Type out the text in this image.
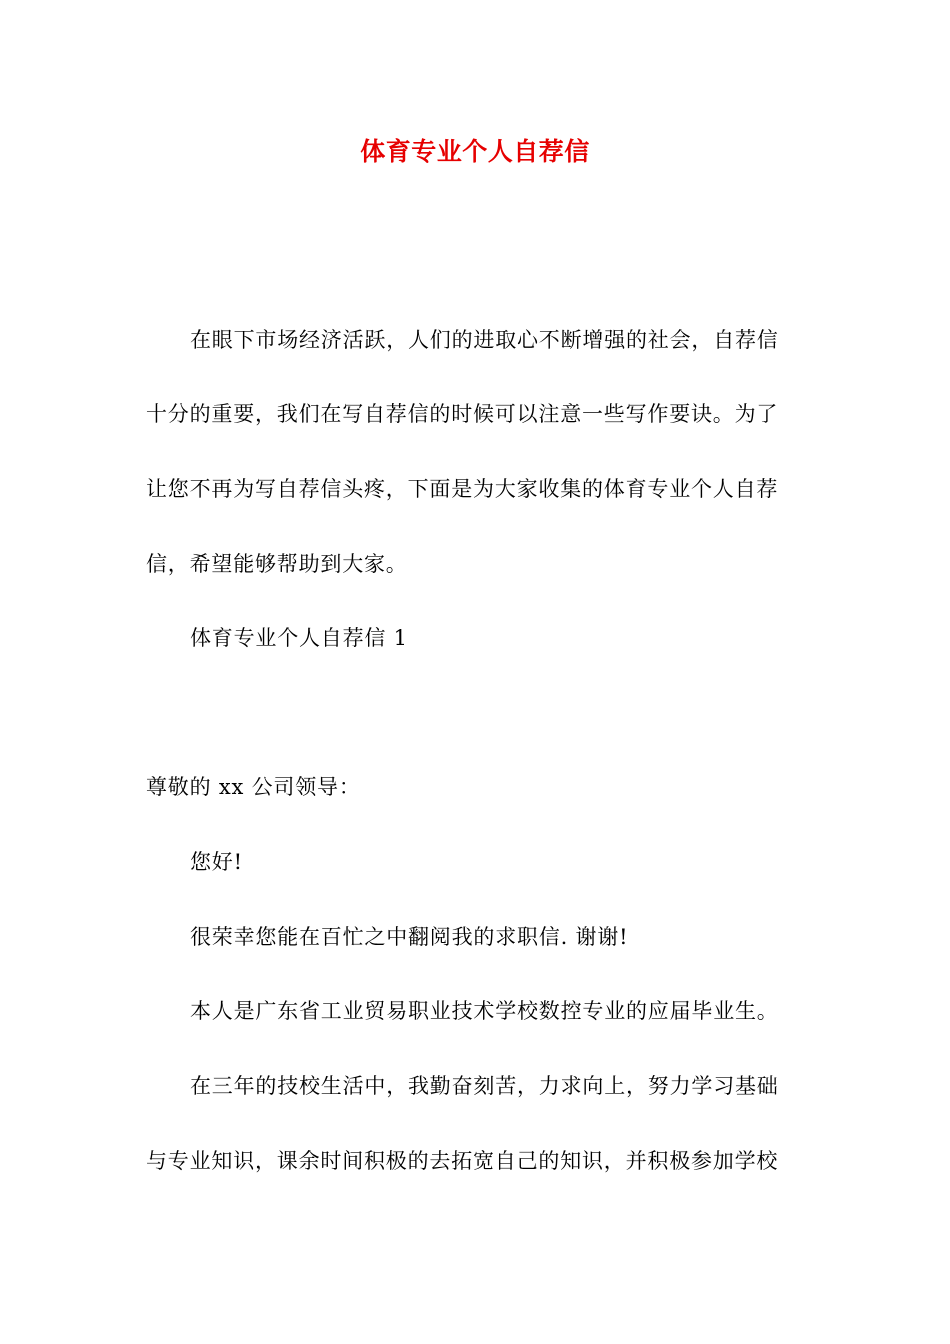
体育专业个人自荐信
在眼下市场经济活跃，人们的进取心不断增强的社会，自荐信
十分的重要，我们在写自荐信的时候可以注意一些写作要诀。为了
让您不再为写自荐信头疼，下面是为大家收集的体育专业个人自荐
信，希望能够帮助到大家。
体育专业个人自荐信 1
尊敬的 xx 公司领导：
您好!
很荣幸您能在百忙之中翻阅我的求职信. 谢谢!
本人是广东省工业贸易职业技术学校数控专业的应届毕业生。
在三年的技校生活中，我勤奋刻苦，力求向上，努力学习基础
与专业知识，课余时间积极的去拓宽自己的知识，并积极参加学校
